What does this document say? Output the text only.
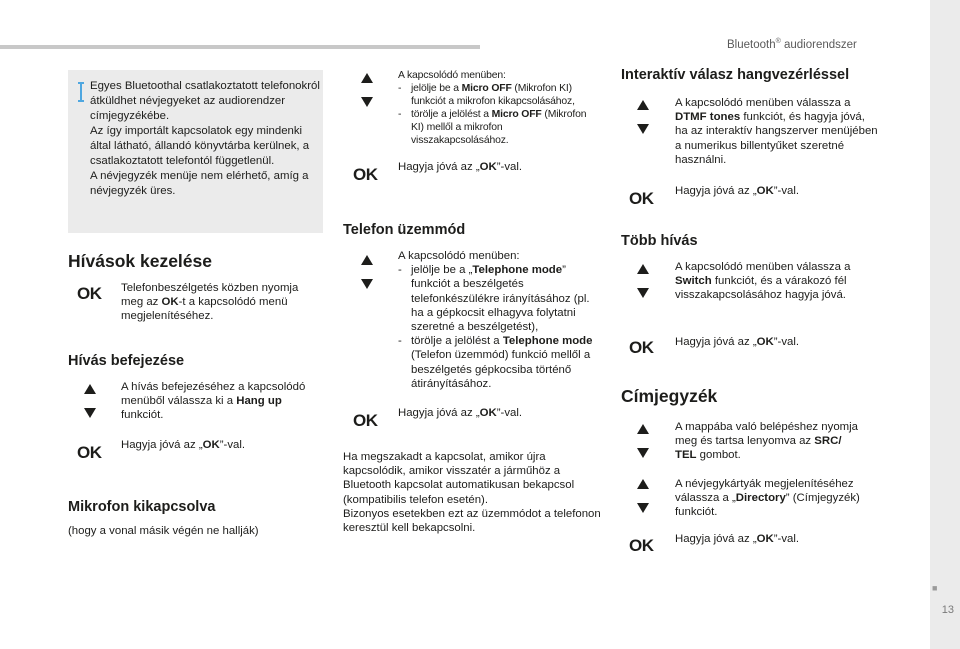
Bluetooth® audiorendszer
■
13
Egyes Bluetoothal csatlakoztatott telefonokról átküldhet névjegyeket az audiorendzer címjegyzékébe.
Az így importált kapcsolatok egy mindenki által látható, állandó könyvtárba kerülnek, a csatlakoztatott telefontól függetlenül.
A névjegyzék menüje nem elérhető, amíg a névjegyzék üres.
Hívások kezelése
OK Telefonbeszélgetés közben nyomja meg az OK-t a kapcsolódó menü megjelenítéséhez.
Hívás befejezése
A hívás befejezéséhez a kapcsolódó menüből válassza ki a Hang up funkciót.
OK Hagyja jóvá az „OK”-val.
Mikrofon kikapcsolva
(hogy a vonal másik végén ne hallják)
A kapcsolódó menüben:
- jelölje be a Micro OFF (Mikrofon KI) funkciót a mikrofon kikapcsolásához,
- törölje a jelölést a Micro OFF (Mikrofon KI) mellől a mikrofon visszakapcsolásához.
OK Hagyja jóvá az „OK”-val.
Telefon üzemmód
A kapcsolódó menüben:
- jelölje be a „Telephone mode” funkciót a beszélgetés telefonkészülékre irányításához (pl. ha a gépkocsit elhagyva folytatni szeretné a beszélgetést),
- törölje a jelölést a Telephone mode (Telefon üzemmód) funkció mellől a beszélgetés gépkocsiba történő átirányításához.
OK Hagyja jóvá az „OK”-val.
Ha megszakadt a kapcsolat, amikor újra kapcsolódik, amikor visszatér a járműhöz a Bluetooth kapcsolat automatikusan bekapcsol (kompatibilis telefon esetén).
Bizonyos esetekben ezt az üzemmódot a telefonon keresztül kell bekapcsolni.
Interaktív válasz hangvezérléssel
A kapcsolódó menüben válassza a DTMF tones funkciót, és hagyja jóvá, ha az interaktív hangszerver menüjében a numerikus billentyűket szeretné használni.
OK Hagyja jóvá az „OK”-val.
Több hívás
A kapcsolódó menüben válassza a Switch funkciót, és a várakozó fél visszakapcsolásához hagyja jóvá.
OK Hagyja jóvá az „OK”-val.
Címjegyzék
A mappába való belépéshez nyomja meg és tartsa lenyomva az SRC/ TEL gombot.
A névjegykártyák megjelenítéséhez válassza a „Directory” (Címjegyzék) funkciót.
OK Hagyja jóvá az „OK”-val.
